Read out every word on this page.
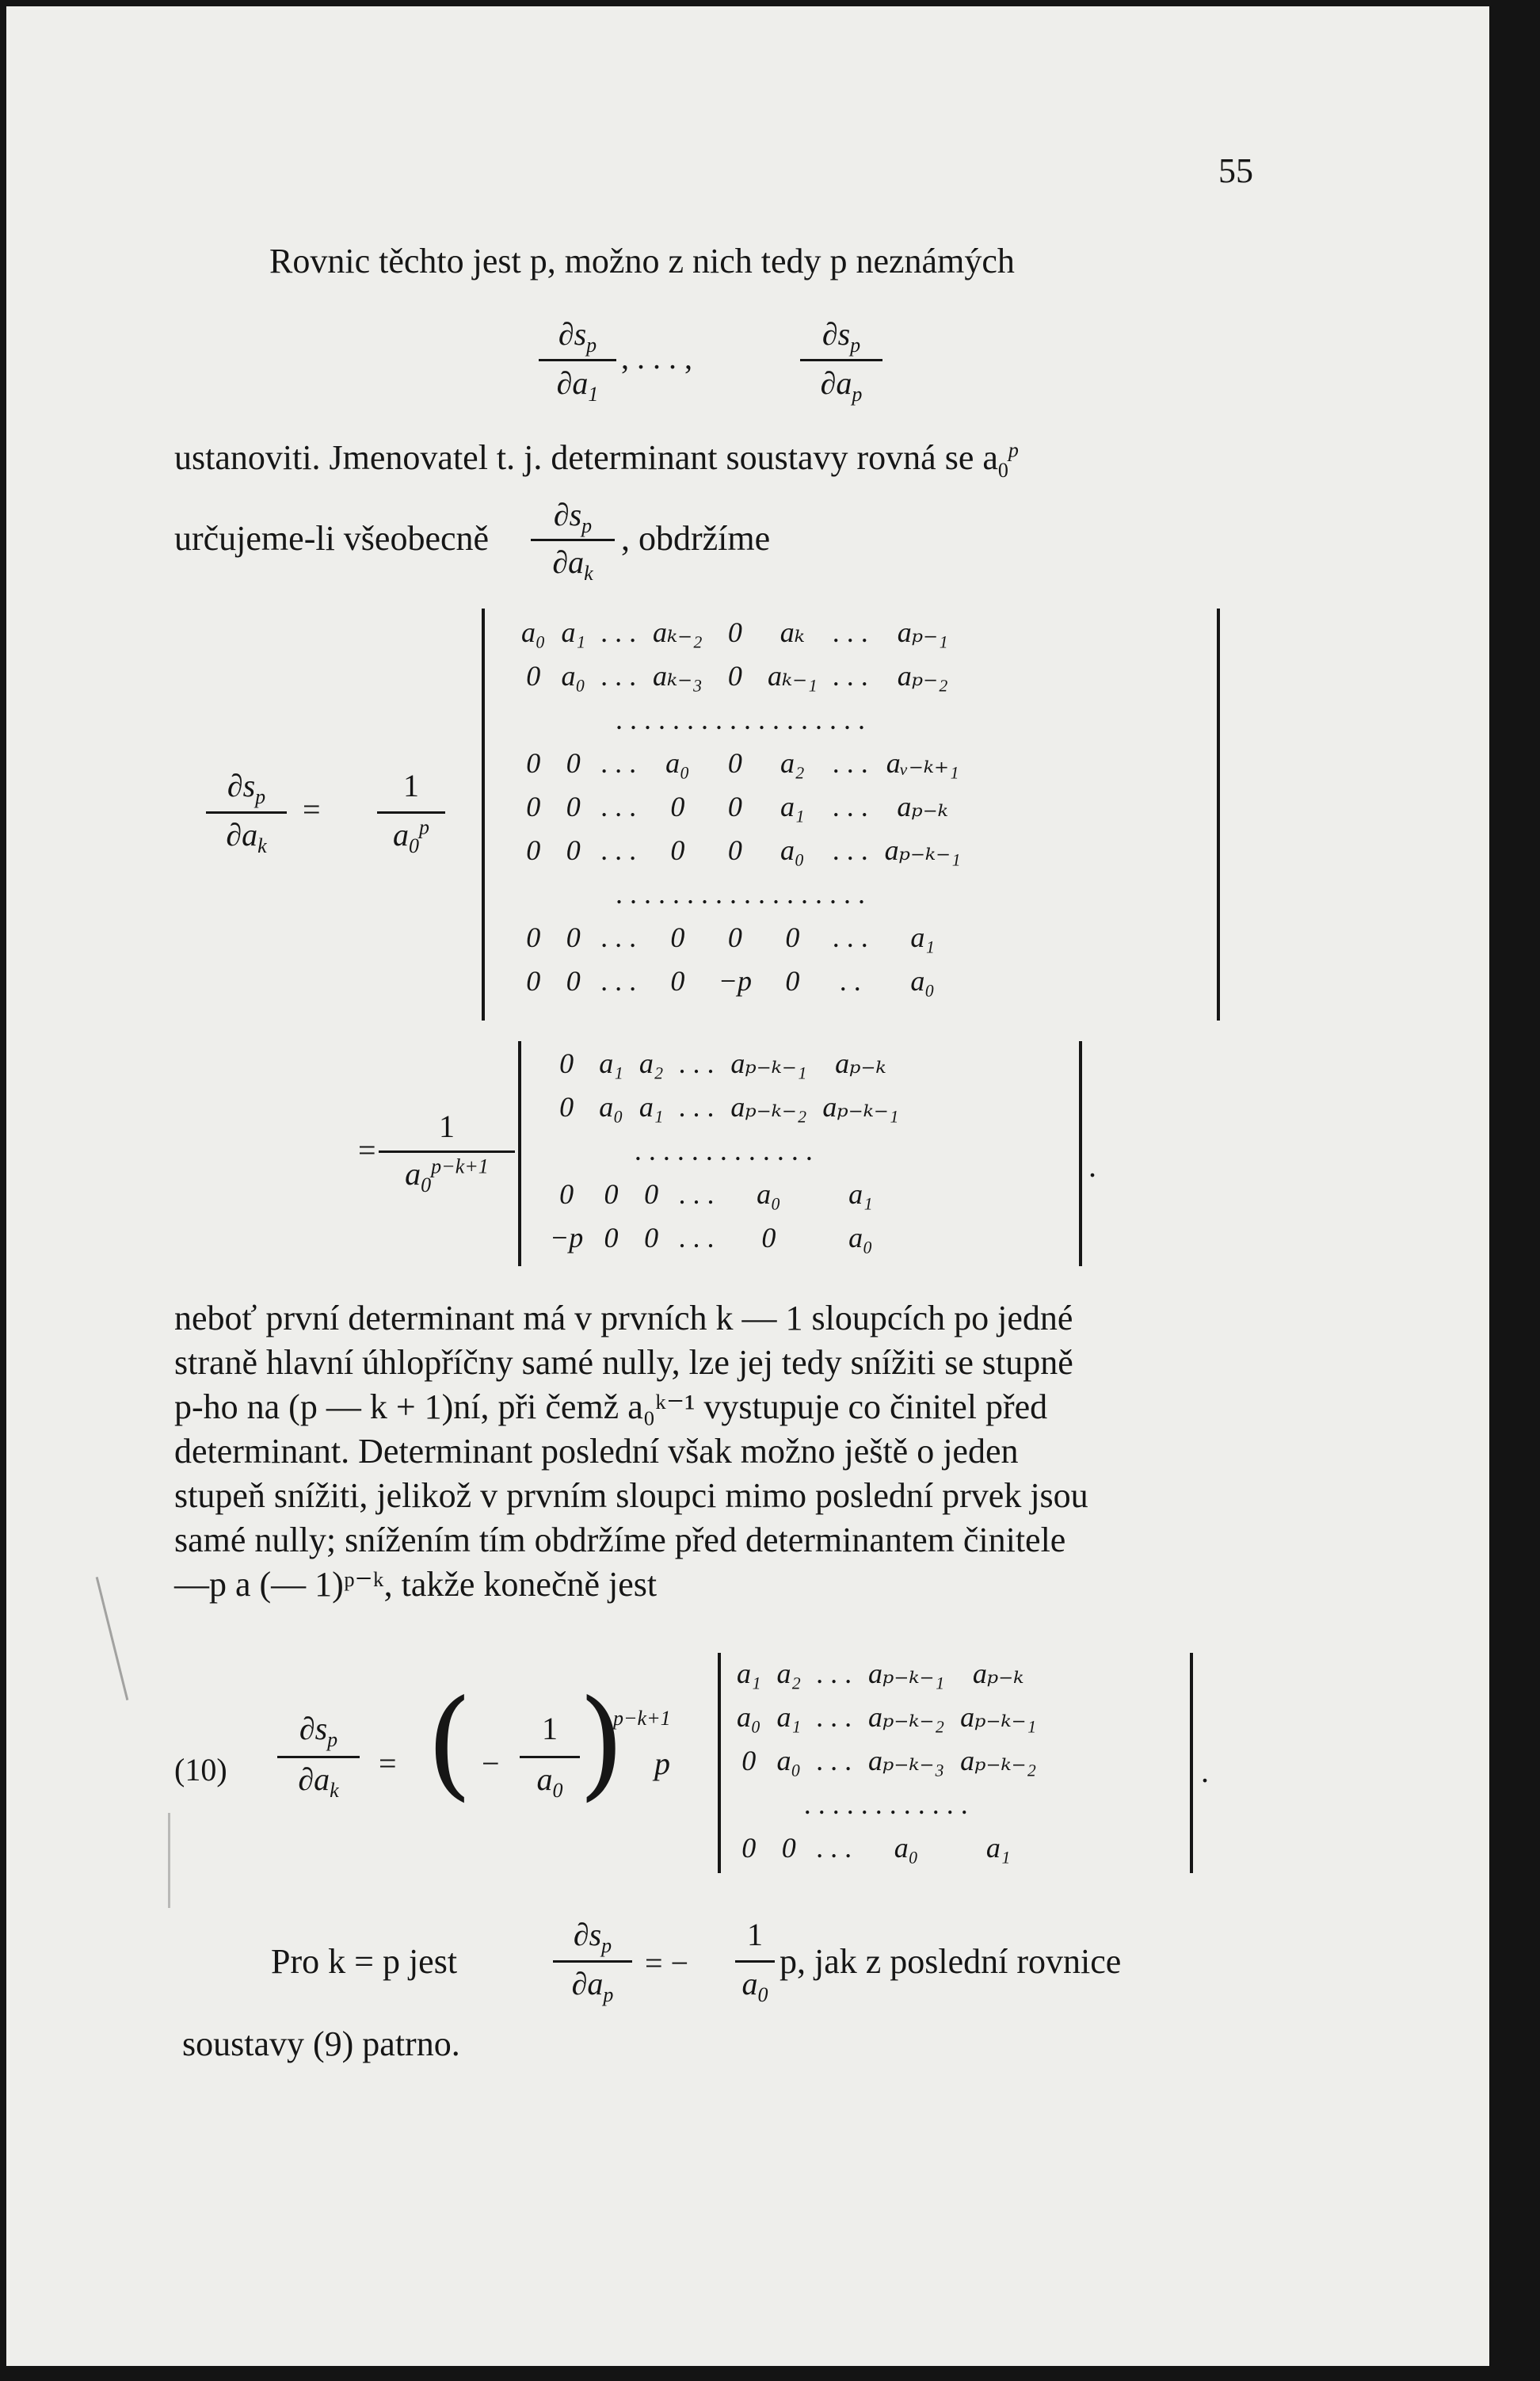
55
Rovnic těchto jest p, možno z nich tedy p neznámých
$\partial s_p$
$\partial a_1$
, . . . ,
$\partial s_p$
$\partial a_p$
ustanoviti. Jmenovatel t. j. determinant soustavy rovná se $a_0^p$
určujeme-li všeobecně
$\partial s_p$
$\partial a_k$
, obdržíme
$\partial s_p$
$\partial a_k$
=
1
$a_0^p$
a₀	a₁	. . .	aₖ₋₂	0	aₖ	. . .	aₚ₋₁
0	a₀	. . .	aₖ₋₃	0	aₖ₋₁	. . .	aₚ₋₂
. . . . . . . . . . . . . . . . . .							
0	0	. . .	a₀	0	a₂	. . .	aᵥ₋ₖ₊₁
0	0	. . .	0	0	a₁	. . .	aₚ₋ₖ
0	0	. . .	0	0	a₀	. . .	aₚ₋ₖ₋₁
. . . . . . . . . . . . . . . . . .							
0	0	. . .	0	0	0	. . .	a₁
0	0	. . .	0	−p	0	. .	a₀
=
1
$a_0^{p-k+1}$
0	a₁	a₂	. . .	aₚ₋ₖ₋₁	aₚ₋ₖ
0	a₀	a₁	. . .	aₚ₋ₖ₋₂	aₚ₋ₖ₋₁
. . . . . . . . . . . . .					
0	0	0	. . .	a₀	a₁
−p	0	0	. . .	0	a₀
.

neboť první determinant má v prvních k — 1 sloupcích po jedné

straně hlavní úhlopříčny samé nully, lze jej tedy snížiti se stupně

p-ho na (p — k + 1)ní, při čemž a₀ᵏ⁻¹ vystupuje co činitel před

determinant. Determinant poslední však možno ještě o jeden

stupeň snížiti, jelikož v prvním sloupci mimo poslední prvek jsou

samé nully; snížením tím obdržíme před determinantem činitele

—p a (— 1)ᵖ⁻ᵏ, takže konečně jest

(10)
$\partial s_p$
$\partial a_k$
= ( −
1
$a_0$ )
p−k+1
p
a₁	a₂	. . .	aₚ₋ₖ₋₁	aₚ₋ₖ
a₀	a₁	. . .	aₚ₋ₖ₋₂	aₚ₋ₖ₋₁
0	a₀	. . .	aₚ₋ₖ₋₃	aₚ₋ₖ₋₂
. . . . . . . . . . . .				
0	0	. . .	a₀	a₁
.
Pro k = p jest
$\partial s_p$
$\partial a_p$
= −
1
$a_0$
p, jak z poslední rovnice
soustavy (9) patrno.
